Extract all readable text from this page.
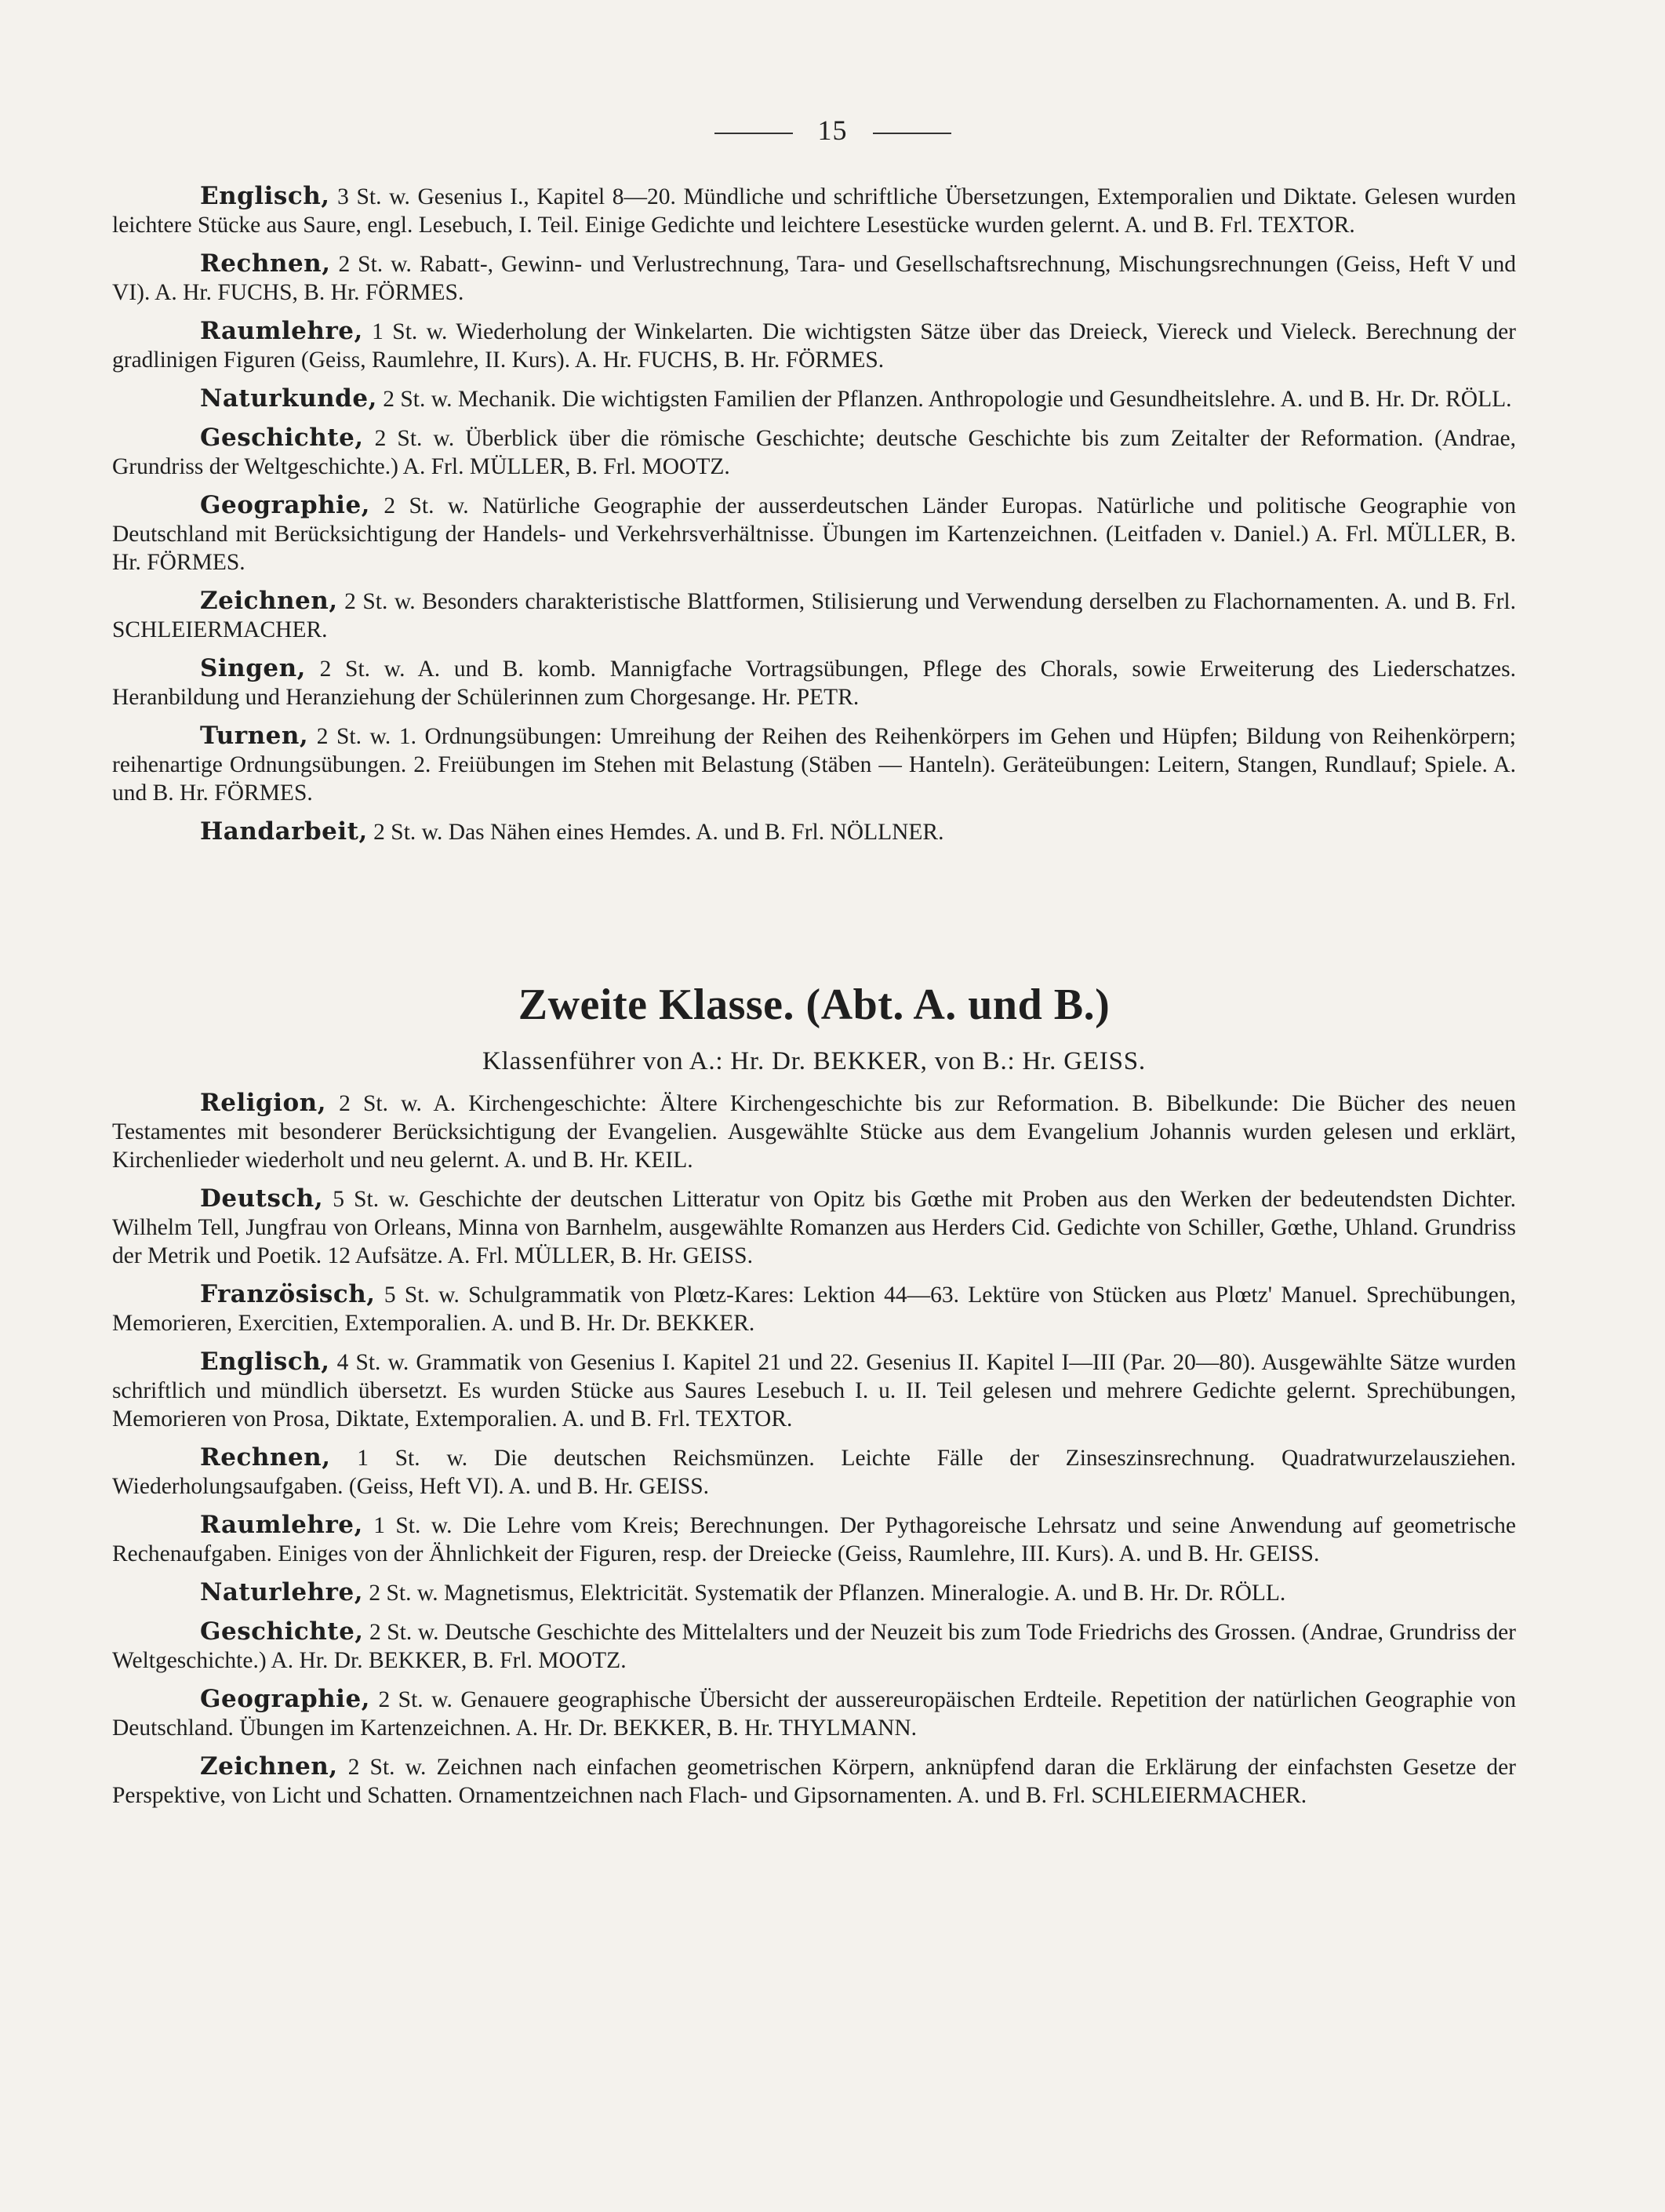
15

Englisch, 3 St. w. Gesenius I., Kapitel 8—20. Mündliche und schriftliche Übersetzungen, Extemporalien und Diktate. Gelesen wurden leichtere Stücke aus Saure, engl. Lesebuch, I. Teil. Einige Gedichte und leichtere Lesestücke wurden gelernt. A. und B. Frl. TEXTOR.

Rechnen, 2 St. w. Rabatt-, Gewinn- und Verlustrechnung, Tara- und Gesellschaftsrechnung, Mischungsrechnungen (Geiss, Heft V und VI). A. Hr. FUCHS, B. Hr. FÖRMES.

Raumlehre, 1 St. w. Wiederholung der Winkelarten. Die wichtigsten Sätze über das Dreieck, Viereck und Vieleck. Berechnung der gradlinigen Figuren (Geiss, Raumlehre, II. Kurs). A. Hr. FUCHS, B. Hr. FÖRMES.

Naturkunde, 2 St. w. Mechanik. Die wichtigsten Familien der Pflanzen. Anthropologie und Gesundheitslehre. A. und B. Hr. Dr. RÖLL.

Geschichte, 2 St. w. Überblick über die römische Geschichte; deutsche Geschichte bis zum Zeitalter der Reformation. (Andrae, Grundriss der Weltgeschichte.) A. Frl. MÜLLER, B. Frl. MOOTZ.

Geographie, 2 St. w. Natürliche Geographie der ausserdeutschen Länder Europas. Natürliche und politische Geographie von Deutschland mit Berücksichtigung der Handels- und Verkehrsverhältnisse. Übungen im Kartenzeichnen. (Leitfaden v. Daniel.) A. Frl. MÜLLER, B. Hr. FÖRMES.

Zeichnen, 2 St. w. Besonders charakteristische Blattformen, Stilisierung und Verwendung derselben zu Flachornamenten. A. und B. Frl. SCHLEIERMACHER.

Singen, 2 St. w. A. und B. komb. Mannigfache Vortragsübungen, Pflege des Chorals, sowie Erweiterung des Liederschatzes. Heranbildung und Heranziehung der Schülerinnen zum Chorgesange. Hr. PETR.

Turnen, 2 St. w. 1. Ordnungsübungen: Umreihung der Reihen des Reihenkörpers im Gehen und Hüpfen; Bildung von Reihenkörpern; reihenartige Ordnungsübungen. 2. Freiübungen im Stehen mit Belastung (Stäben — Hanteln). Geräteübungen: Leitern, Stangen, Rundlauf; Spiele. A. und B. Hr. FÖRMES.

Handarbeit, 2 St. w. Das Nähen eines Hemdes. A. und B. Frl. NÖLLNER.

Zweite Klasse. (Abt. A. und B.)

Klassenführer von A.: Hr. Dr. BEKKER, von B.: Hr. GEISS.

Religion, 2 St. w. A. Kirchengeschichte: Ältere Kirchengeschichte bis zur Reformation. B. Bibelkunde: Die Bücher des neuen Testamentes mit besonderer Berücksichtigung der Evangelien. Ausgewählte Stücke aus dem Evangelium Johannis wurden gelesen und erklärt, Kirchenlieder wiederholt und neu gelernt. A. und B. Hr. KEIL.

Deutsch, 5 St. w. Geschichte der deutschen Litteratur von Opitz bis Gœthe mit Proben aus den Werken der bedeutendsten Dichter. Wilhelm Tell, Jungfrau von Orleans, Minna von Barnhelm, ausgewählte Romanzen aus Herders Cid. Gedichte von Schiller, Gœthe, Uhland. Grundriss der Metrik und Poetik. 12 Aufsätze. A. Frl. MÜLLER, B. Hr. GEISS.

Französisch, 5 St. w. Schulgrammatik von Plœtz-Kares: Lektion 44—63. Lektüre von Stücken aus Plœtz' Manuel. Sprechübungen, Memorieren, Exercitien, Extemporalien. A. und B. Hr. Dr. BEKKER.

Englisch, 4 St. w. Grammatik von Gesenius I. Kapitel 21 und 22. Gesenius II. Kapitel I—III (Par. 20—80). Ausgewählte Sätze wurden schriftlich und mündlich übersetzt. Es wurden Stücke aus Saures Lesebuch I. u. II. Teil gelesen und mehrere Gedichte gelernt. Sprechübungen, Memorieren von Prosa, Diktate, Extemporalien. A. und B. Frl. TEXTOR.

Rechnen, 1 St. w. Die deutschen Reichsmünzen. Leichte Fälle der Zinseszinsrechnung. Quadratwurzelausziehen. Wiederholungsaufgaben. (Geiss, Heft VI). A. und B. Hr. GEISS.

Raumlehre, 1 St. w. Die Lehre vom Kreis; Berechnungen. Der Pythagoreische Lehrsatz und seine Anwendung auf geometrische Rechenaufgaben. Einiges von der Ähnlichkeit der Figuren, resp. der Dreiecke (Geiss, Raumlehre, III. Kurs). A. und B. Hr. GEISS.

Naturlehre, 2 St. w. Magnetismus, Elektricität. Systematik der Pflanzen. Mineralogie. A. und B. Hr. Dr. RÖLL.

Geschichte, 2 St. w. Deutsche Geschichte des Mittelalters und der Neuzeit bis zum Tode Friedrichs des Grossen. (Andrae, Grundriss der Weltgeschichte.) A. Hr. Dr. BEKKER, B. Frl. MOOTZ.

Geographie, 2 St. w. Genauere geographische Übersicht der aussereuropäischen Erdteile. Repetition der natürlichen Geographie von Deutschland. Übungen im Kartenzeichnen. A. Hr. Dr. BEKKER, B. Hr. THYLMANN.

Zeichnen, 2 St. w. Zeichnen nach einfachen geometrischen Körpern, anknüpfend daran die Erklärung der einfachsten Gesetze der Perspektive, von Licht und Schatten. Ornamentzeichnen nach Flach- und Gipsornamenten. A. und B. Frl. SCHLEIERMACHER.
